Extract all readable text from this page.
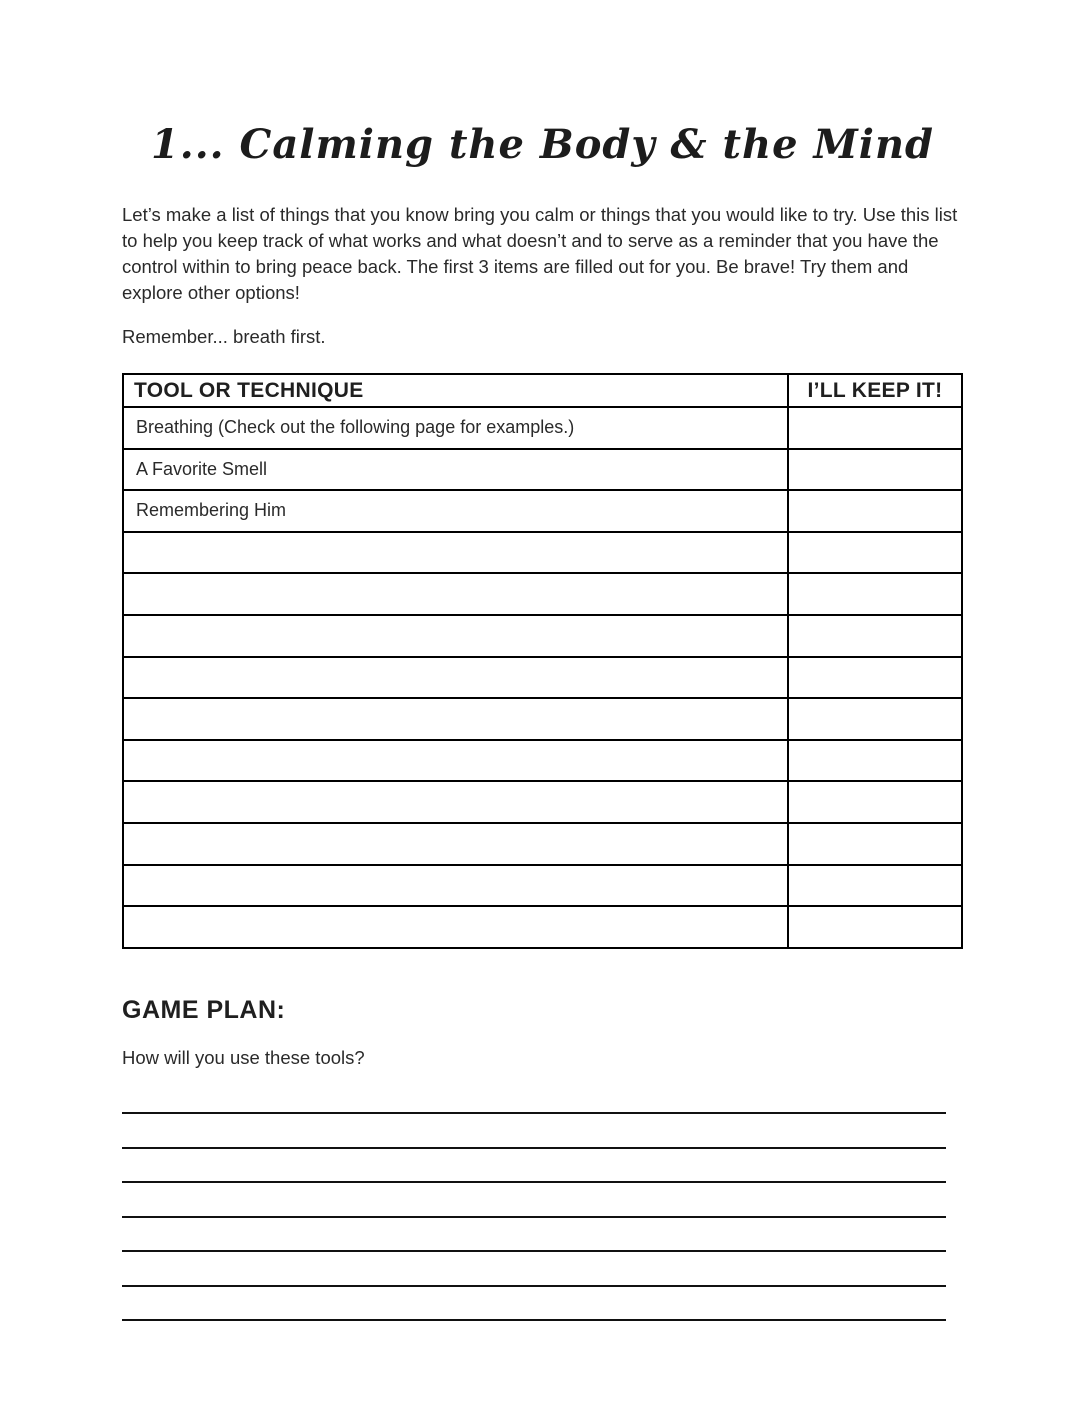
1... Calming the Body & the Mind

Let’s make a list of things that you know bring you calm or things that you would like to try. Use this list to help you keep track of what works and what doesn’t and to serve as a reminder that you have the control within to bring peace back. The first 3 items are filled out for you. Be brave! Try them and explore other options!

Remember... breath first.

TOOL OR TECHNIQUE	I’LL KEEP IT!
Breathing (Check out the following page for examples.)	
A Favorite Smell	
Remembering Him	

GAME PLAN:

How will you use these tools?
